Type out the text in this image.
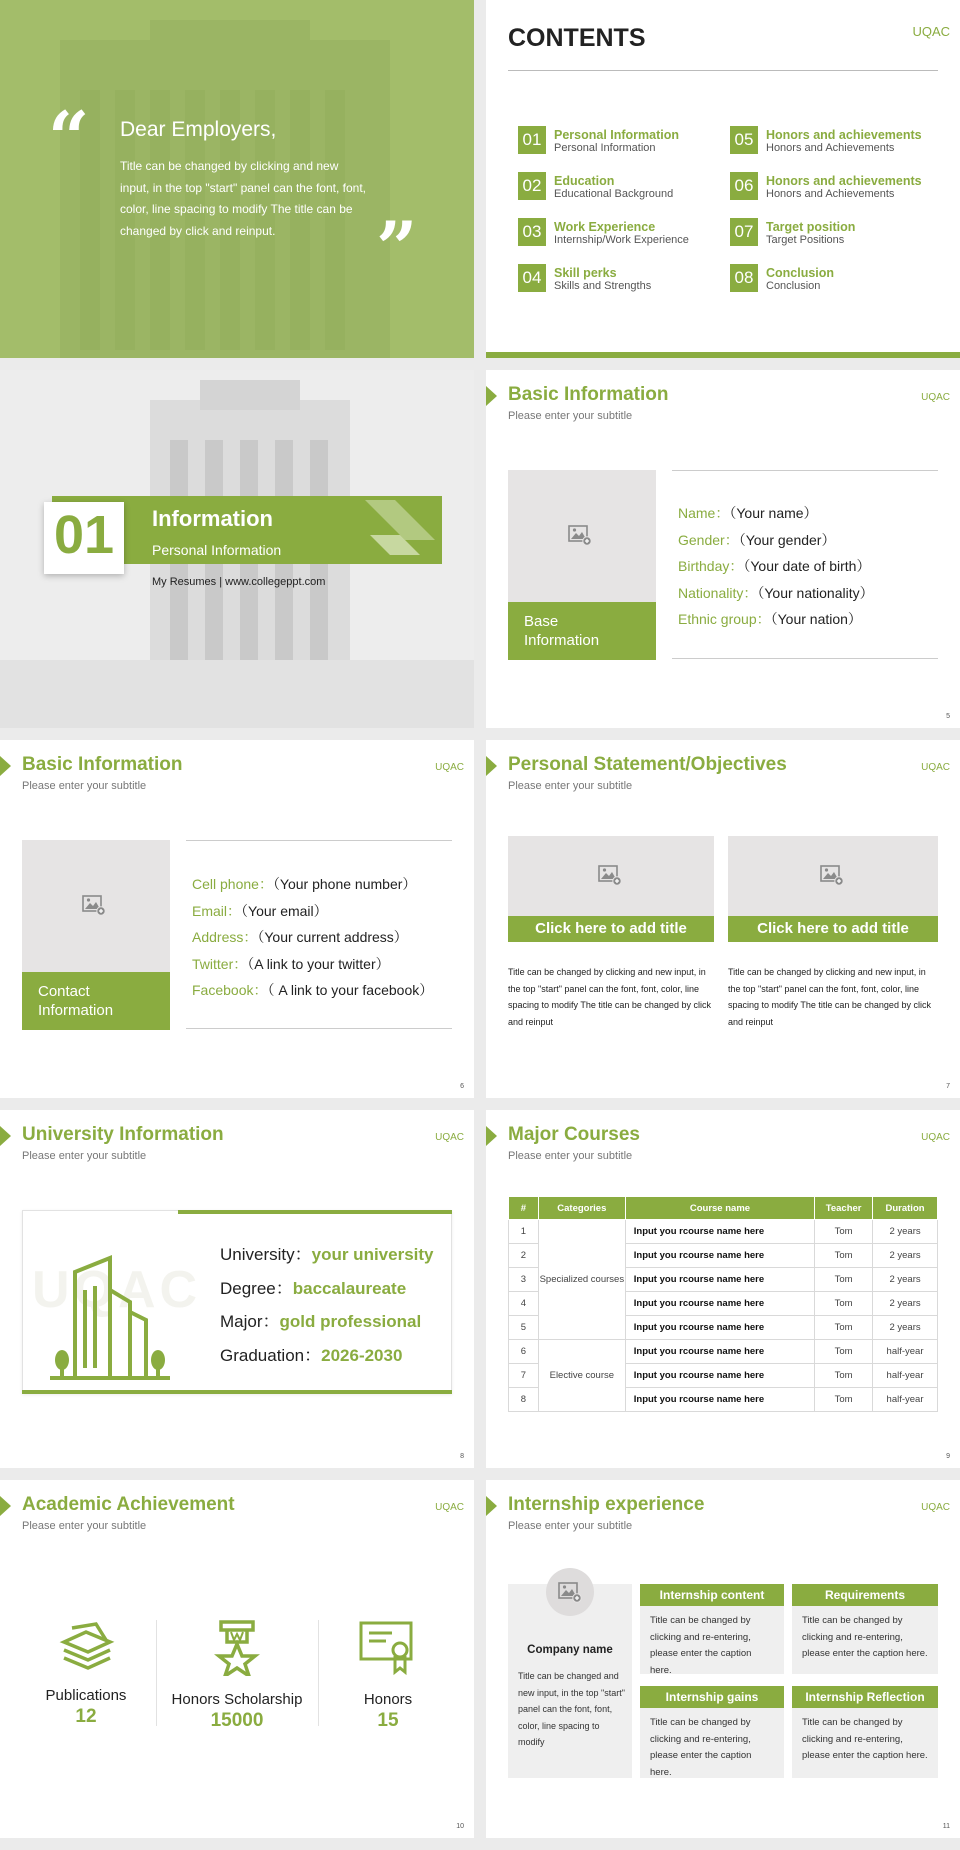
“ Dear Employers,
Title can be changed by clicking and new input, in the top "start" panel can the font, font, color, line spacing to modify The title can be changed by click and reinput.	”
CONTENTS	UQAC
01	Personal Information
Personal Information
02	Education
Educational Background
03	Work Experience
Internship/Work Experience
04	Skill perks
Skills and Strengths
05	Honors and achievements
Honors and Achievements
06	Honors and achievements
Honors and Achievements
07	Target position
Target Positions
08	Conclusion
Conclusion
01	Information
Personal Information
My Resumes | www.collegeppt.com
Basic Information
Please enter your subtitle
UQAC
Base Information
Name：（Your name）
Gender：（Your gender）
Birthday：（Your date of birth）
Nationality：（Your nationality）
Ethnic group：（Your nation）
5
Basic Information
Please enter your subtitle
UQAC
Contact Information
Cell phone：（Your phone number）
Email：（Your email）
Address：（Your current address）
Twitter：（A link to your twitter）
Facebook：（ A link to your facebook）
6
Personal Statement/Objectives
Please enter your subtitle
UQAC
Click here to add title
Title can be changed by clicking and new input, in the top "start" panel can the font, font, color, line spacing to modify The title can be changed by click and reinput
Click here to add title
Title can be changed by clicking and new input, in the top "start" panel can the font, font, color, line spacing to modify The title can be changed by click and reinput
7
University Information
Please enter your subtitle
UQAC
UQAC
University：your university
Degree：baccalaureate
Major：gold professional
Graduation：2026-2030
8
Major Courses
Please enter your subtitle
UQAC
#	Categories	Course name	Teacher	Duration
1	Specialized courses	Input you rcourse name here	Tom	2 years
2		Input you rcourse name here	Tom	2 years
3		Input you rcourse name here	Tom	2 years
4		Input you rcourse name here	Tom	2 years
5		Input you rcourse name here	Tom	2 years
6	Elective course	Input you rcourse name here	Tom	half-year
7		Input you rcourse name here	Tom	half-year
8		Input you rcourse name here	Tom	half-year
9
Academic Achievement
Please enter your subtitle
UQAC
Publications
12
Honors Scholarship
15000
Honors
15
10
Internship experience
Please enter your subtitle
UQAC
Company name
Title can be changed and new input, in the top "start" panel can the font, font, color, line spacing to modify
Internship content
Title can be changed by clicking and re-entering, please enter the caption here.
Requirements
Title can be changed by clicking and re-entering, please enter the caption here.
Internship gains
Title can be changed by clicking and re-entering, please enter the caption here.
Internship Reflection
Title can be changed by clicking and re-entering, please enter the caption here.
11
